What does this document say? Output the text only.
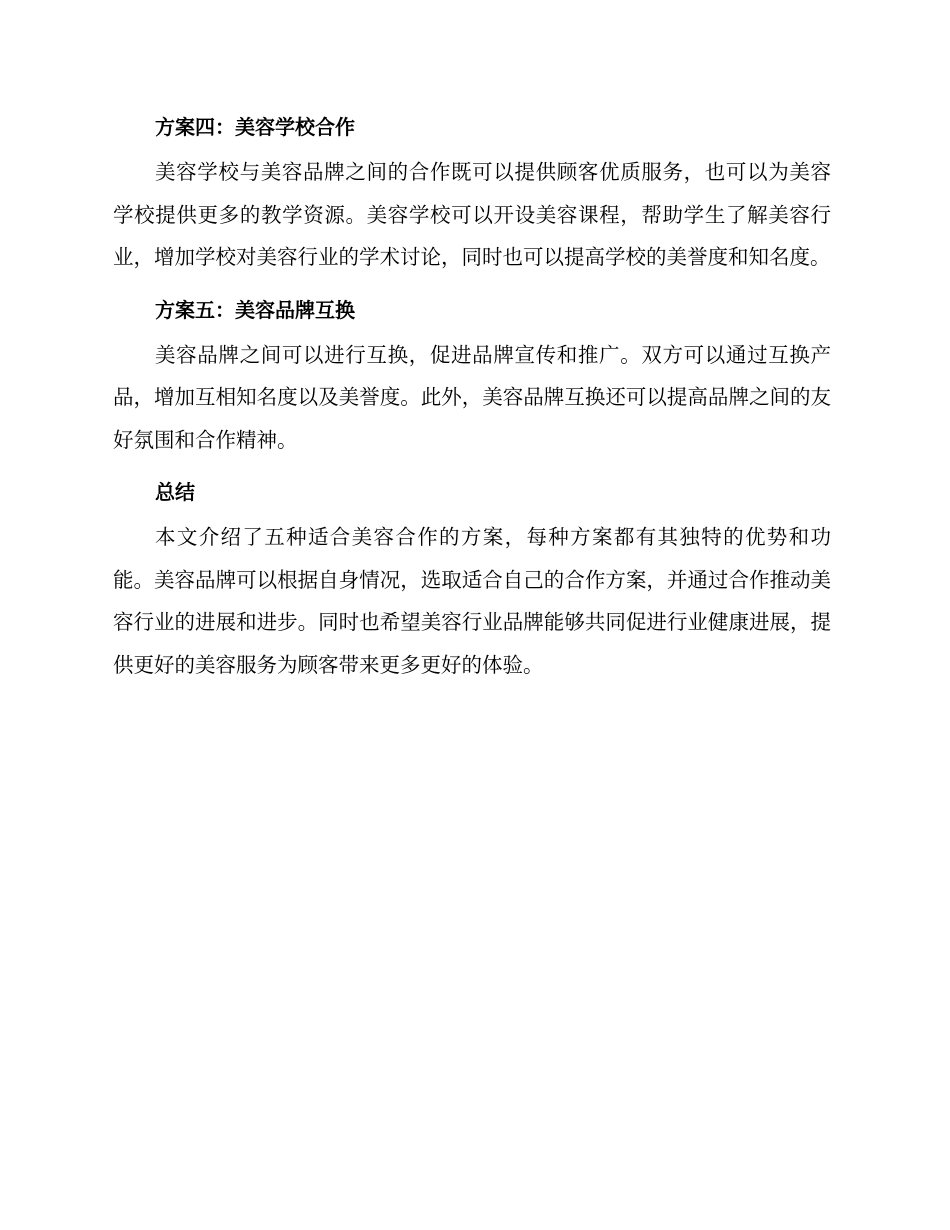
方案四：美容学校合作

美容学校与美容品牌之间的合作既可以提供顾客优质服务，也可以为美容学校提供更多的教学资源。美容学校可以开设美容课程，帮助学生了解美容行业，增加学校对美容行业的学术讨论，同时也可以提高学校的美誉度和知名度。

方案五：美容品牌互换

美容品牌之间可以进行互换，促进品牌宣传和推广。双方可以通过互换产品，增加互相知名度以及美誉度。此外，美容品牌互换还可以提高品牌之间的友好氛围和合作精神。

总结

本文介绍了五种适合美容合作的方案，每种方案都有其独特的优势和功能。美容品牌可以根据自身情况，选取适合自己的合作方案，并通过合作推动美容行业的进展和进步。同时也希望美容行业品牌能够共同促进行业健康进展，提供更好的美容服务为顾客带来更多更好的体验。
